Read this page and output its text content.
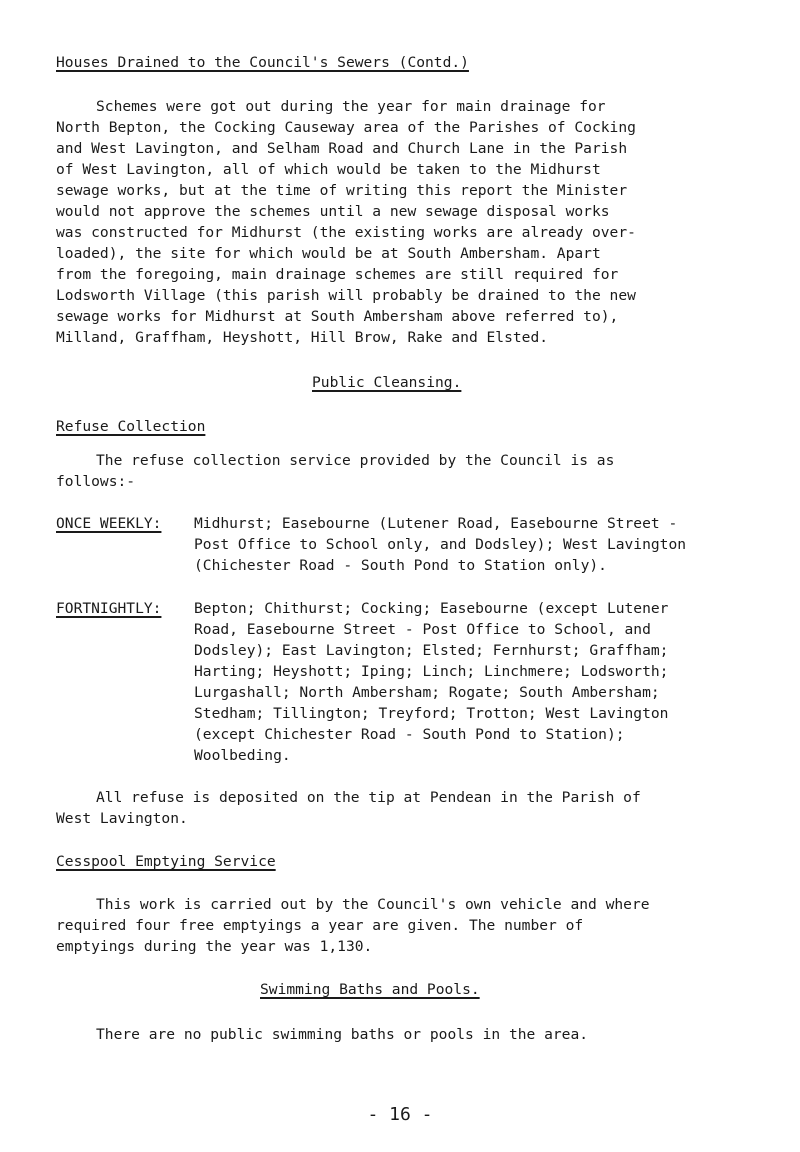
Houses Drained to the Council's Sewers (Contd.)
Schemes were got out during the year for main drainage for
North Bepton, the Cocking Causeway area of the Parishes of Cocking
and West Lavington, and Selham Road and Church Lane in the Parish
of West Lavington, all of which would be taken to the Midhurst
sewage works, but at the time of writing this report the Minister
would not approve the schemes until a new sewage disposal works
was constructed for Midhurst (the existing works are already over-
loaded), the site for which would be at South Ambersham. Apart
from the foregoing, main drainage schemes are still required for
Lodsworth Village (this parish will probably be drained to the new
sewage works for Midhurst at South Ambersham above referred to),
Milland, Graffham, Heyshott, Hill Brow, Rake and Elsted.
Public Cleansing.
Refuse Collection
The refuse collection service provided by the Council is as
follows:-
ONCE WEEKLY: Midhurst; Easebourne (Lutener Road, Easebourne Street -
Post Office to School only, and Dodsley); West Lavington
(Chichester Road - South Pond to Station only).
FORTNIGHTLY: Bepton; Chithurst; Cocking; Easebourne (except Lutener
Road, Easebourne Street - Post Office to School, and
Dodsley); East Lavington; Elsted; Fernhurst; Graffham;
Harting; Heyshott; Iping; Linch; Linchmere; Lodsworth;
Lurgashall; North Ambersham; Rogate; South Ambersham;
Stedham; Tillington; Treyford; Trotton; West Lavington
(except Chichester Road - South Pond to Station);
Woolbeding.
All refuse is deposited on the tip at Pendean in the Parish of
West Lavington.
Cesspool Emptying Service
This work is carried out by the Council's own vehicle and where
required four free emptyings a year are given. The number of
emptyings during the year was 1,130.
Swimming Baths and Pools.
There are no public swimming baths or pools in the area.
- 16 -
